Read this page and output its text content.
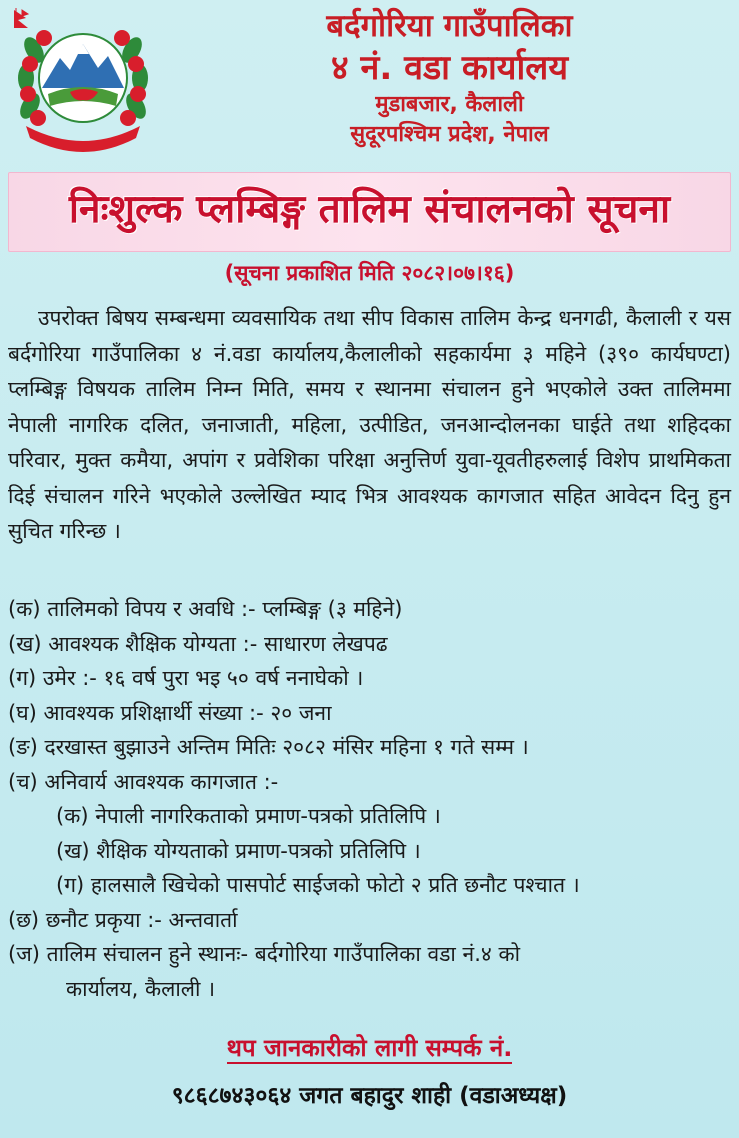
बर्दगोरिया गाउँपालिका
४ नं. वडा कार्यालय
मुडाबजार, कैलाली
सुदूरपश्चिम प्रदेश, नेपाल
निःशुल्क प्लम्बिङ्ग तालिम संचालनको सूचना
(सूचना प्रकाशित मिति २०८२।०७।१६)

उपरोक्त बिषय सम्बन्धमा व्यवसायिक तथा सीप विकास तालिम केन्द्र धनगढी, कैलाली र यस बर्दगोरिया गाउँपालिका ४ नं.वडा कार्यालय,कैलालीको सहकार्यमा ३ महिने (३९० कार्यघण्टा) प्लम्बिङ्ग विषयक तालिम निम्न मिति, समय र स्थानमा संचालन हुने भएकोले उक्त तालिममा नेपाली नागरिक दलित, जनाजाती, महिला, उत्पीडित, जनआन्दोलनका घाईते तथा शहिदका परिवार, मुक्त कमैया, अपांग र प्रवेशिका परिक्षा अनुत्तिर्ण युवा-यूवतीहरुलाई विशेप प्राथमिकता दिई संचालन गरिने भएकोले उल्लेखित म्याद भित्र आवश्यक कागजात सहित आवेदन दिनु हुन सुचित गरिन्छ ।

(क) तालिमको विपय र अवधि :- प्लम्बिङ्ग (३ महिने)
(ख) आवश्यक शैक्षिक योग्यता :- साधारण लेखपढ
(ग) उमेर :- १६ वर्ष पुरा भइ ५० वर्ष ननाघेको ।
(घ) आवश्यक प्रशिक्षार्थी संख्या :- २० जना
(ङ) दरखास्त बुझाउने अन्तिम मितिः २०८२ मंसिर महिना १ गते सम्म ।
(च) अनिवार्य आवश्यक कागजात :-
(क) नेपाली नागरिकताको प्रमाण-पत्रको प्रतिलिपि ।
(ख) शैक्षिक योग्यताको प्रमाण-पत्रको प्रतिलिपि ।
(ग) हालसालै खिचेको पासपोर्ट साईजको फोटो २ प्रति छनौट पश्चात ।
(छ) छनौट प्रकृया :- अन्तवार्ता
(ज) तालिम संचालन हुने स्थानः- बर्दगोरिया गाउँपालिका वडा नं.४ को
कार्यालय, कैलाली ।
थप जानकारीको लागी सम्पर्क नं.
९८६८७४३०६४ जगत बहादुर शाही (वडाअध्यक्ष)
